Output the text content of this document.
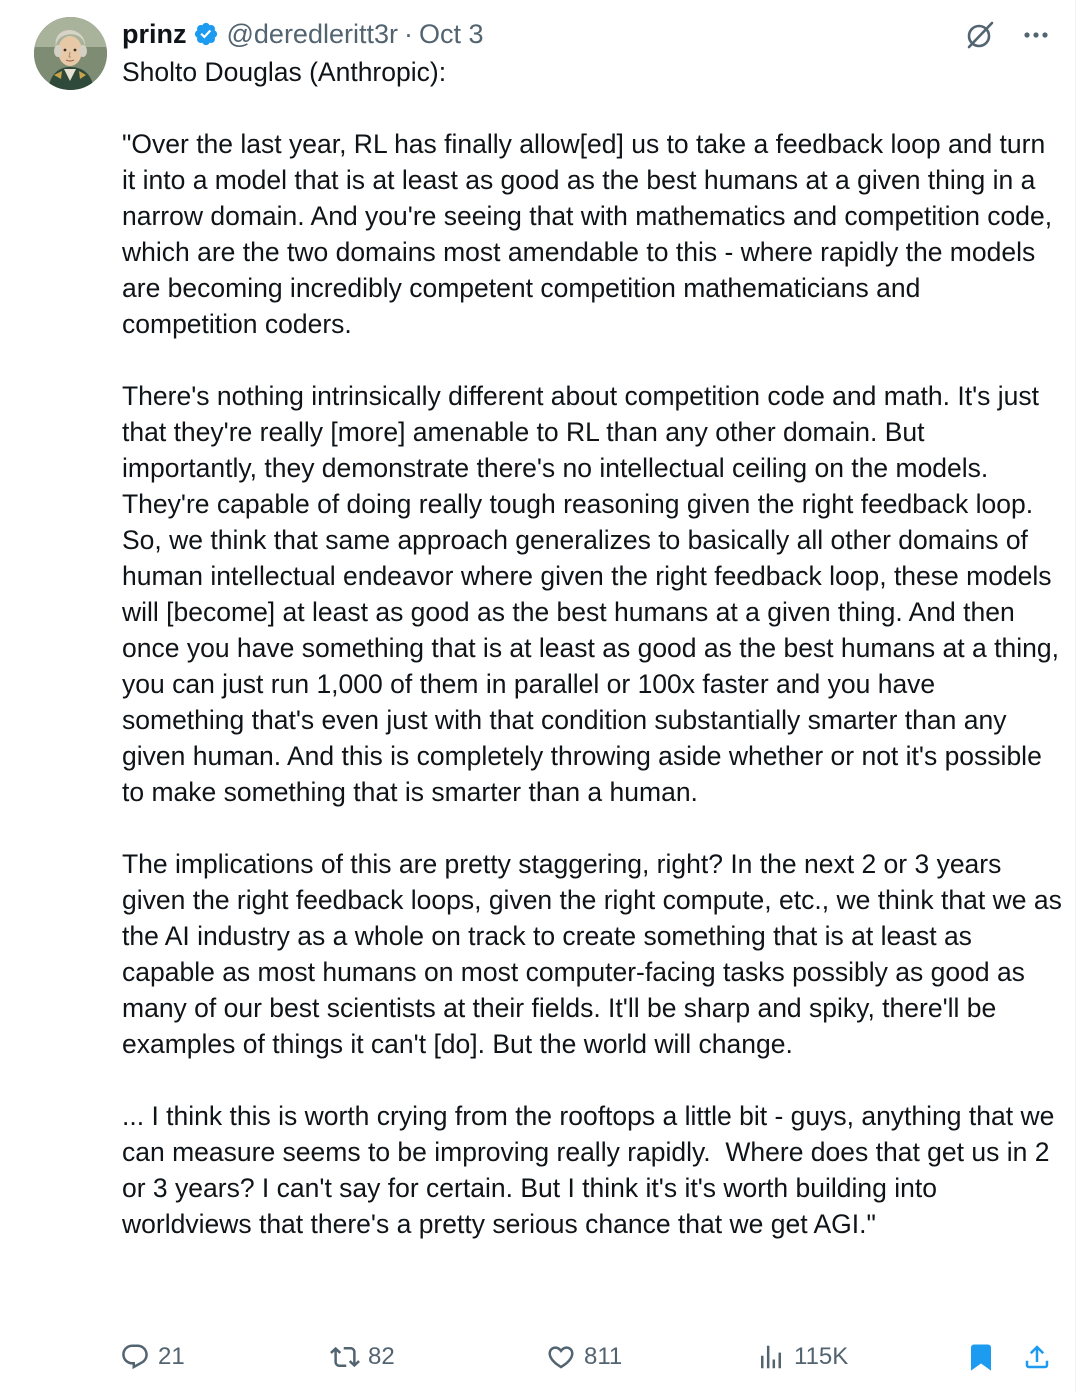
prinz @deredleritt3r · Oct 3

Sholto Douglas (Anthropic):

"Over the last year, RL has finally allow[ed] us to take a feedback loop and turn it into a model that is at least as good as the best humans at a given thing in a narrow domain. And you're seeing that with mathematics and competition code, which are the two domains most amendable to this - where rapidly the models are becoming incredibly competent competition mathematicians and competition coders.

There's nothing intrinsically different about competition code and math. It's just that they're really [more] amenable to RL than any other domain. But importantly, they demonstrate there's no intellectual ceiling on the models. They're capable of doing really tough reasoning given the right feedback loop. So, we think that same approach generalizes to basically all other domains of human intellectual endeavor where given the right feedback loop, these models will [become] at least as good as the best humans at a given thing. And then once you have something that is at least as good as the best humans at a thing, you can just run 1,000 of them in parallel or 100x faster and you have something that's even just with that condition substantially smarter than any given human. And this is completely throwing aside whether or not it's possible to make something that is smarter than a human.

The implications of this are pretty staggering, right? In the next 2 or 3 years given the right feedback loops, given the right compute, etc., we think that we as the AI industry as a whole on track to create something that is at least as capable as most humans on most computer-facing tasks possibly as good as many of our best scientists at their fields. It'll be sharp and spiky, there'll be examples of things it can't [do]. But the world will change.

... I think this is worth crying from the rooftops a little bit - guys, anything that we can measure seems to be improving really rapidly.  Where does that get us in 2 or 3 years? I can't say for certain. But I think it's it's worth building into worldviews that there's a pretty serious chance that we get AGI."

21	82	811	115K
